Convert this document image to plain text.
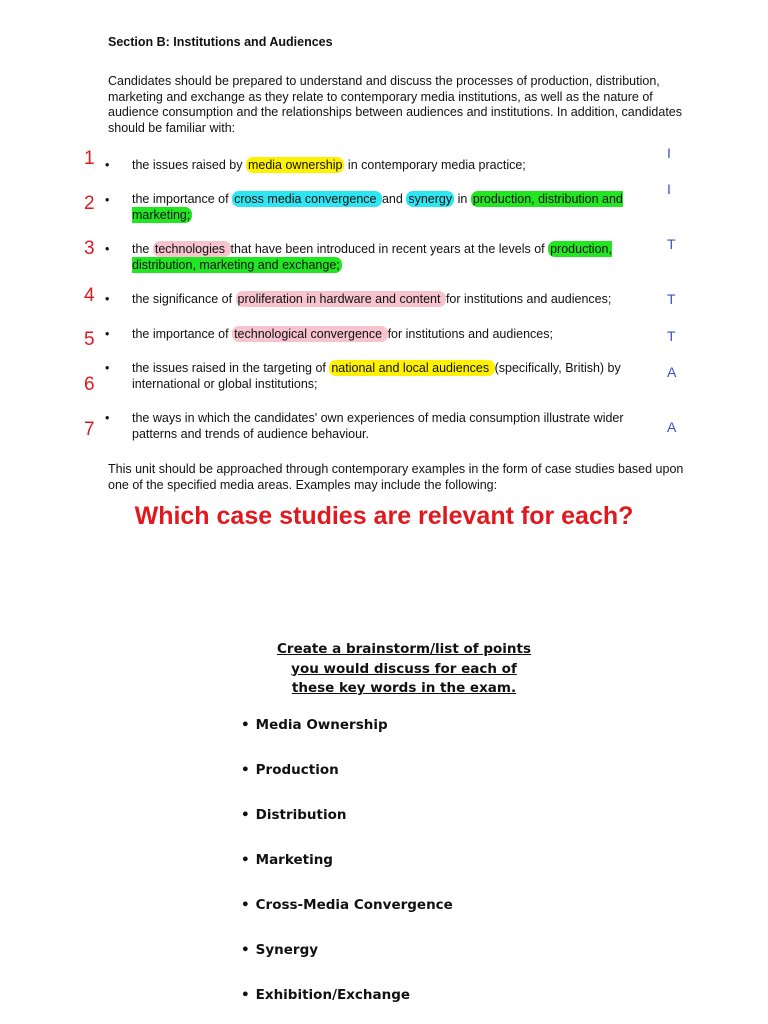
Section B: Institutions and Audiences
Candidates should be prepared to understand and discuss the processes of production, distribution, marketing and exchange as they relate to contemporary media institutions, as well as the nature of audience consumption and the relationships between audiences and institutions. In addition, candidates should be familiar with:
1 • the issues raised by media ownership in contemporary media practice;
I
2 • the importance of cross media convergence and synergy in production, distribution and marketing;
I
3 • the technologies that have been introduced in recent years at the levels of production, distribution, marketing and exchange;
T
4 • the significance of proliferation in hardware and content for institutions and audiences;	T
5 • the importance of technological convergence for institutions and audiences;	T
6
• the issues raised in the targeting of national and local audiences (specifically, British) by international or global institutions;
A
7
• the ways in which the candidates' own experiences of media consumption illustrate wider patterns and trends of audience behaviour.	A
This unit should be approached through contemporary examples in the form of case studies based upon one of the specified media areas. Examples may include the following:
Which case studies are relevant for each?
Create a brainstorm/list of points
you would discuss for each of
these key words in the exam.
• Media Ownership
• Production
• Distribution
• Marketing
• Cross-Media Convergence
• Synergy
• Exhibition/Exchange
